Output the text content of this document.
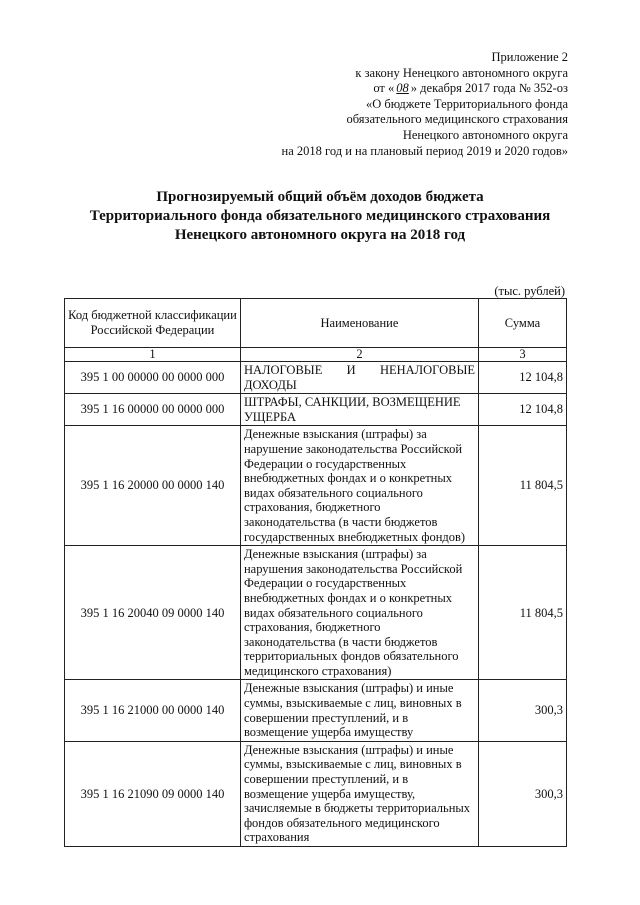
Приложение 2
к закону Ненецкого автономного округа
от « 08 » декабря 2017 года № 352-оз
«О бюджете Территориального фонда
обязательного медицинского страхования
Ненецкого автономного округа
на 2018 год и на плановый период 2019 и 2020 годов»
Прогнозируемый общий объём доходов бюджета
Территориального фонда обязательного медицинского страхования
Ненецкого автономного округа на 2018 год
(тыс. рублей)
Код бюджетной классификации Российской Федерации	Наименование	Сумма
1	2	3
395 1 00 00000 00 0000 000	НАЛОГОВЫЕ И НЕНАЛОГОВЫЕ ДОХОДЫ	12 104,8
395 1 16 00000 00 0000 000	ШТРАФЫ, САНКЦИИ, ВОЗМЕЩЕНИЕ УЩЕРБА	12 104,8
395 1 16 20000 00 0000 140	Денежные взыскания (штрафы) за нарушение законодательства Российской Федерации о государственных внебюджетных фондах и о конкретных видах обязательного социального страхования, бюджетного законодательства (в части бюджетов государственных внебюджетных фондов)	11 804,5
395 1 16 20040 09 0000 140	Денежные взыскания (штрафы) за нарушения законодательства Российской Федерации о государственных внебюджетных фондах и о конкретных видах обязательного социального страхования, бюджетного законодательства (в части бюджетов территориальных фондов обязательного медицинского страхования)	11 804,5
395 1 16 21000 00 0000 140	Денежные взыскания (штрафы) и иные суммы, взыскиваемые с лиц, виновных в совершении преступлений, и в возмещение ущерба имуществу	300,3
395 1 16 21090 09 0000 140	Денежные взыскания (штрафы) и иные суммы, взыскиваемые с лиц, виновных в совершении преступлений, и в возмещение ущерба имуществу, зачисляемые в бюджеты территориальных фондов обязательного медицинского страхования	300,3
